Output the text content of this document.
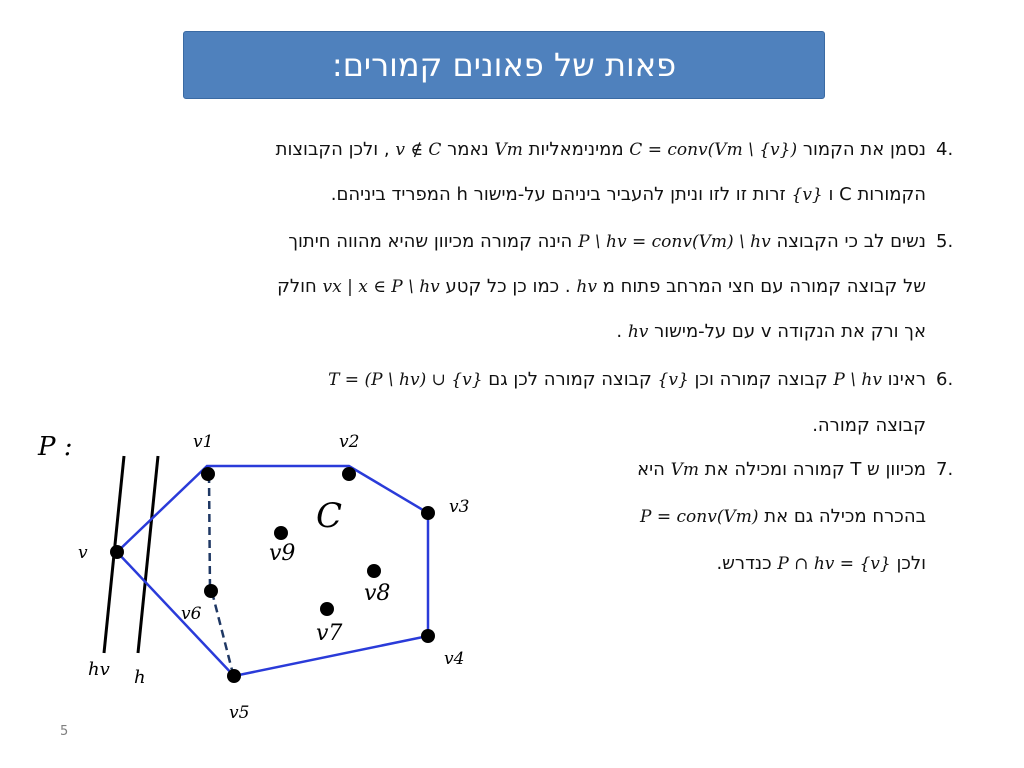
פאות של פאונים קמורים:
4.
נסמן את הקמור C = conv(Vm \ {v}) ממינימאליות Vm נאמר v ∉ C , ולכן הקבוצות
הקמורות C ו {v} זרות זו לזו וניתן להעביר ביניהם על-מישור h המפריד ביניהם.
5.
נשים לב כי הקבוצה P \ hv = conv(Vm) \ hv הינה קמורה מכיוון שהיא מהווה חיתוך
של קבוצה קמורה עם חצי המרחב פתוח מ hv . כמו כן כל קטע vx | x ∈ P \ hv חולק
אך ורק את הנקודה v עם על-מישור hv .
6.
ראינו P \ hv קבוצה קמורה וכן {v} קבוצה קמורה לכן גם T = (P \ hv) ∪ {v}
קבוצה קמורה.
7.
מכיוון ש T קמורה ומכילה את Vm היא
בהכרח מכילה גם את P = conv(Vm)
ולכן P ∩ hv = {v} כנדרש.
P :
C
v
v1	v2
v3
v4
v5
v6
v9
v8
v7
hv h
5
